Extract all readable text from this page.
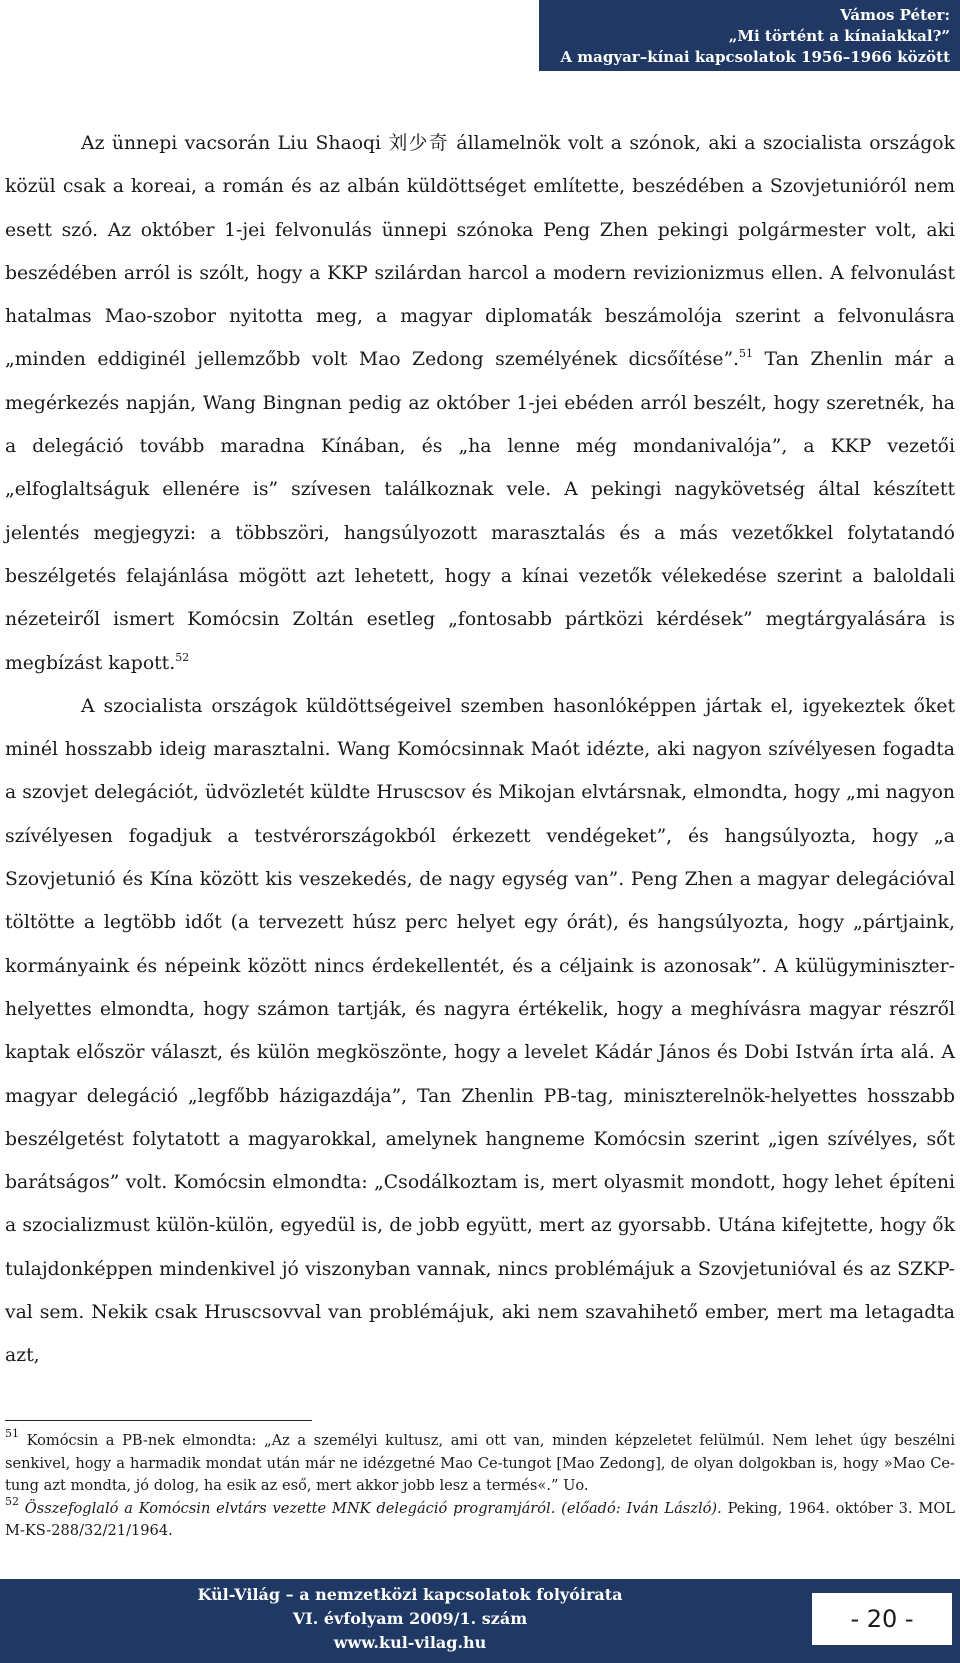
Vámos Péter:
„Mi történt a kínaiakkal?”
A magyar–kínai kapcsolatok 1956–1966 között

Az ünnepi vacsorán Liu Shaoqi 刘少奇 államelnök volt a szónok, aki a szocialista országok közül csak a koreai, a román és az albán küldöttséget említette, beszédében a Szovjetunióról nem esett szó. Az október 1-jei felvonulás ünnepi szónoka Peng Zhen pekingi polgármester volt, aki beszédében arról is szólt, hogy a KKP szilárdan harcol a modern revizionizmus ellen. A felvonulást hatalmas Mao-szobor nyitotta meg, a magyar diplomaták beszámolója szerint a felvonulásra „minden eddiginél jellemzőbb volt Mao Zedong személyének dicsőítése”.$^{51}$ Tan Zhenlin már a megérkezés napján, Wang Bingnan pedig az október 1-jei ebéden arról beszélt, hogy szeretnék, ha a delegáció tovább maradna Kínában, és „ha lenne még mondanivalója”, a KKP vezetői „elfoglaltságuk ellenére is” szívesen találkoznak vele. A pekingi nagykövetség által készített jelentés megjegyzi: a többszöri, hangsúlyozott marasztalás és a más vezetőkkel folytatandó beszélgetés felajánlása mögött azt lehetett, hogy a kínai vezetők vélekedése szerint a baloldali nézeteiről ismert Komócsin Zoltán esetleg „fontosabb pártközi kérdések” megtárgyalására is megbízást kapott.$^{52}$

A szocialista országok küldöttségeivel szemben hasonlóképpen jártak el, igyekeztek őket minél hosszabb ideig marasztalni. Wang Komócsinnak Maót idézte, aki nagyon szívélyesen fogadta a szovjet delegációt, üdvözletét küldte Hruscsov és Mikojan elvtársnak, elmondta, hogy „mi nagyon szívélyesen fogadjuk a testvérországokból érkezett vendégeket”, és hangsúlyozta, hogy „a Szovjetunió és Kína között kis veszekedés, de nagy egység van”. Peng Zhen a magyar delegációval töltötte a legtöbb időt (a tervezett húsz perc helyet egy órát), és hangsúlyozta, hogy „pártjaink, kormányaink és népeink között nincs érdekellentét, és a céljaink is azonosak”. A külügyminiszter-helyettes elmondta, hogy számon tartják, és nagyra értékelik, hogy a meghívásra magyar részről kaptak először választ, és külön megköszönte, hogy a levelet Kádár János és Dobi István írta alá. A magyar delegáció „legfőbb házigazdája”, Tan Zhenlin PB-tag, miniszterelnök-helyettes hosszabb beszélgetést folytatott a magyarokkal, amelynek hangneme Komócsin szerint „igen szívélyes, sőt barátságos” volt. Komócsin elmondta: „Csodálkoztam is, mert olyasmit mondott, hogy lehet építeni a szocializmust külön-külön, egyedül is, de jobb együtt, mert az gyorsabb. Utána kifejtette, hogy ők tulajdonképpen mindenkivel jó viszonyban vannak, nincs problémájuk a Szovjetunióval és az SZKP-val sem. Nekik csak Hruscsovval van problémájuk, aki nem szavahihető ember, mert ma letagadta azt,

$^{51}$ Komócsin a PB-nek elmondta: „Az a személyi kultusz, ami ott van, minden képzeletet felülmúl. Nem lehet úgy beszélni senkivel, hogy a harmadik mondat után már ne idézgetné Mao Ce-tungot [Mao Zedong], de olyan dolgokban is, hogy »Mao Ce-tung azt mondta, jó dolog, ha esik az eső, mert akkor jobb lesz a termés«.” Uo.

$^{52}$ Összefoglaló a Komócsin elvtárs vezette MNK delegáció programjáról. (előadó: Iván László). Peking, 1964. október 3. MOL M-KS-288/32/21/1964.

Kül-Világ – a nemzetközi kapcsolatok folyóirata
VI. évfolyam 2009/1. szám
www.kul-vilag.hu
- 20 -
